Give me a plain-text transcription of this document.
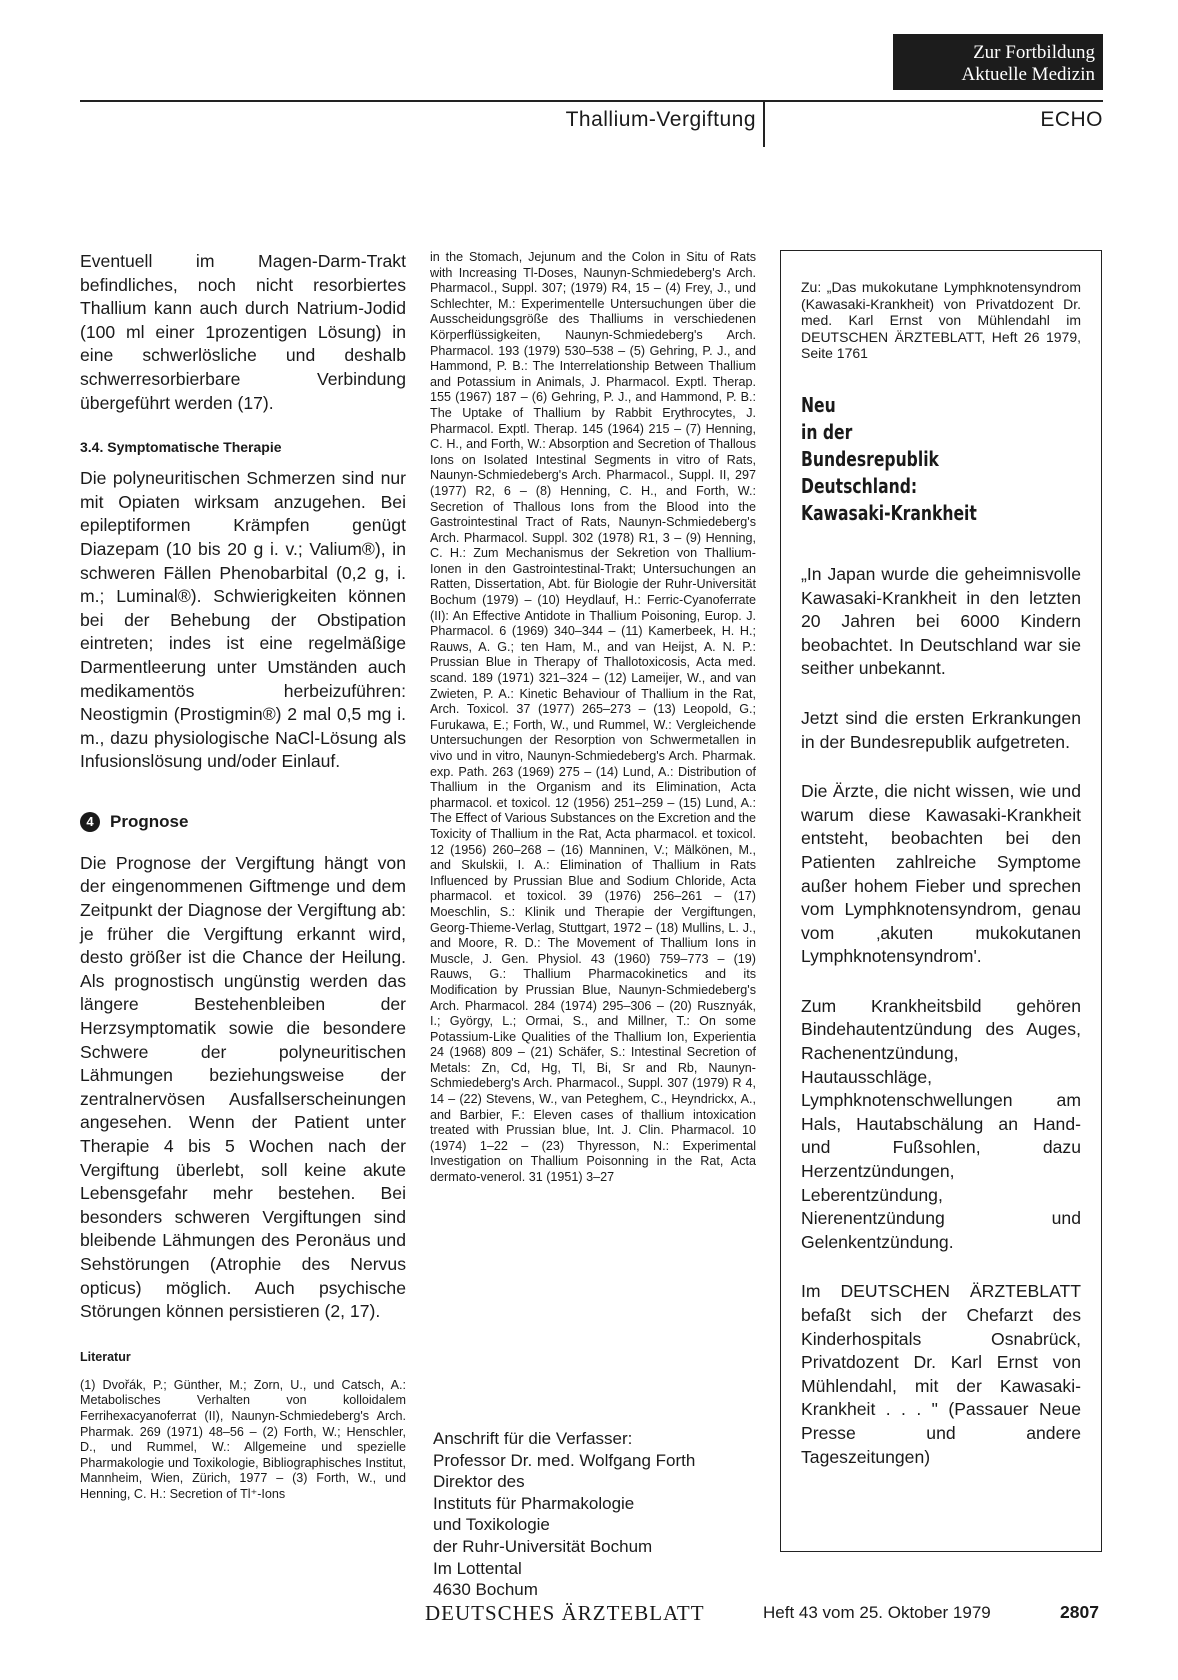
Zur Fortbildung
Aktuelle Medizin
Thallium-Vergiftung	ECHO

Eventuell im Magen-Darm-Trakt befindliches, noch nicht resorbiertes Thallium kann auch durch Natrium-Jodid (100 ml einer 1prozentigen Lösung) in eine schwerlösliche und deshalb schwerresorbierbare Verbindung übergeführt werden (17).

3.4. Symptomatische Therapie

Die polyneuritischen Schmerzen sind nur mit Opiaten wirksam anzugehen. Bei epileptiformen Krämpfen genügt Diazepam (10 bis 20 g i. v.; Valium®), in schweren Fällen Phenobarbital (0,2 g, i. m.; Luminal®). Schwierigkeiten können bei der Behebung der Obstipation eintreten; indes ist eine regelmäßige Darmentleerung unter Umständen auch medikamentös herbeizuführen: Neostigmin (Prostigmin®) 2 mal 0,5 mg i. m., dazu physiologische NaCl-Lösung als Infusionslösung und/oder Einlauf.

4 Prognose

Die Prognose der Vergiftung hängt von der eingenommenen Giftmenge und dem Zeitpunkt der Diagnose der Vergiftung ab: je früher die Vergiftung erkannt wird, desto größer ist die Chance der Heilung. Als prognostisch ungünstig werden das längere Bestehenbleiben der Herzsymptomatik sowie die besondere Schwere der polyneuritischen Lähmungen beziehungsweise der zentralnervösen Ausfallserscheinungen angesehen. Wenn der Patient unter Therapie 4 bis 5 Wochen nach der Vergiftung überlebt, soll keine akute Lebensgefahr mehr bestehen. Bei besonders schweren Vergiftungen sind bleibende Lähmungen des Peronäus und Sehstörungen (Atrophie des Nervus opticus) möglich. Auch psychische Störungen können persistieren (2, 17).

Literatur

(1) Dvořák, P.; Günther, M.; Zorn, U., und Catsch, A.: Metabolisches Verhalten von kolloidalem Ferrihexacyanoferrat (II), Naunyn-Schmiedeberg's Arch. Pharmak. 269 (1971) 48–56 – (2) Forth, W.; Henschler, D., und Rummel, W.: Allgemeine und spezielle Pharmakologie und Toxikologie, Bibliographisches Institut, Mannheim, Wien, Zürich, 1977 – (3) Forth, W., und Henning, C. H.: Secretion of Tl⁺-Ions

in the Stomach, Jejunum and the Colon in Situ of Rats with Increasing Tl-Doses, Naunyn-Schmiedeberg's Arch. Pharmacol., Suppl. 307; (1979) R4, 15 – (4) Frey, J., und Schlechter, M.: Experimentelle Untersuchungen über die Ausscheidungsgröße des Thalliums in verschiedenen Körperflüssigkeiten, Naunyn-Schmiedeberg's Arch. Pharmacol. 193 (1979) 530–538 – (5) Gehring, P. J., and Hammond, P. B.: The Interrelationship Between Thallium and Potassium in Animals, J. Pharmacol. Exptl. Therap. 155 (1967) 187 – (6) Gehring, P. J., and Hammond, P. B.: The Uptake of Thallium by Rabbit Erythrocytes, J. Pharmacol. Exptl. Therap. 145 (1964) 215 – (7) Henning, C. H., and Forth, W.: Absorption and Secretion of Thallous Ions on Isolated Intestinal Segments in vitro of Rats, Naunyn-Schmiedeberg's Arch. Pharmacol., Suppl. II, 297 (1977) R2, 6 – (8) Henning, C. H., and Forth, W.: Secretion of Thallous Ions from the Blood into the Gastrointestinal Tract of Rats, Naunyn-Schmiedeberg's Arch. Pharmacol. Suppl. 302 (1978) R1, 3 – (9) Henning, C. H.: Zum Mechanismus der Sekretion von Thallium-Ionen in den Gastrointestinal-Trakt; Untersuchungen an Ratten, Dissertation, Abt. für Biologie der Ruhr-Universität Bochum (1979) – (10) Heydlauf, H.: Ferric-Cyanoferrate (II): An Effective Antidote in Thallium Poisoning, Europ. J. Pharmacol. 6 (1969) 340–344 – (11) Kamerbeek, H. H.; Rauws, A. G.; ten Ham, M., and van Heijst, A. N. P.: Prussian Blue in Therapy of Thallotoxicosis, Acta med. scand. 189 (1971) 321–324 – (12) Lameijer, W., and van Zwieten, P. A.: Kinetic Behaviour of Thallium in the Rat, Arch. Toxicol. 37 (1977) 265–273 – (13) Leopold, G.; Furukawa, E.; Forth, W., und Rummel, W.: Vergleichende Untersuchungen der Resorption von Schwermetallen in vivo und in vitro, Naunyn-Schmiedeberg's Arch. Pharmak. exp. Path. 263 (1969) 275 – (14) Lund, A.: Distribution of Thallium in the Organism and its Elimination, Acta pharmacol. et toxicol. 12 (1956) 251–259 – (15) Lund, A.: The Effect of Various Substances on the Excretion and the Toxicity of Thallium in the Rat, Acta pharmacol. et toxicol. 12 (1956) 260–268 – (16) Manninen, V.; Mälkönen, M., and Skulskii, I. A.: Elimination of Thallium in Rats Influenced by Prussian Blue and Sodium Chloride, Acta pharmacol. et toxicol. 39 (1976) 256–261 – (17) Moeschlin, S.: Klinik und Therapie der Vergiftungen, Georg-Thieme-Verlag, Stuttgart, 1972 – (18) Mullins, L. J., and Moore, R. D.: The Movement of Thallium Ions in Muscle, J. Gen. Physiol. 43 (1960) 759–773 – (19) Rauws, G.: Thallium Pharmacokinetics and its Modification by Prussian Blue, Naunyn-Schmiedeberg's Arch. Pharmacol. 284 (1974) 295–306 – (20) Rusznyák, I.; György, L.; Ormai, S., and Millner, T.: On some Potassium-Like Qualities of the Thallium Ion, Experientia 24 (1968) 809 – (21) Schäfer, S.: Intestinal Secretion of Metals: Zn, Cd, Hg, Tl, Bi, Sr and Rb, Naunyn-Schmiedeberg's Arch. Pharmacol., Suppl. 307 (1979) R 4, 14 – (22) Stevens, W., van Peteghem, C., Heyndrickx, A., and Barbier, F.: Eleven cases of thallium intoxication treated with Prussian blue, Int. J. Clin. Pharmacol. 10 (1974) 1–22 – (23) Thyresson, N.: Experimental Investigation on Thallium Poisonning in the Rat, Acta dermato-venerol. 31 (1951) 3–27

Anschrift für die Verfasser:
Professor Dr. med. Wolfgang Forth
Direktor des
Instituts für Pharmakologie
und Toxikologie
der Ruhr-Universität Bochum
Im Lottental
4630 Bochum

Zu: „Das mukokutane Lymphknotensyndrom (Kawasaki-Krankheit) von Privatdozent Dr. med. Karl Ernst von Mühlendahl im DEUTSCHEN ÄRZTEBLATT, Heft 26 1979, Seite 1761

Neu
in der
Bundesrepublik
Deutschland:
Kawasaki-Krankheit

„In Japan wurde die geheimnisvolle Kawasaki-Krankheit in den letzten 20 Jahren bei 6000 Kindern beobachtet. In Deutschland war sie seither unbekannt.

Jetzt sind die ersten Erkrankungen in der Bundesrepublik aufgetreten.

Die Ärzte, die nicht wissen, wie und warum diese Kawasaki-Krankheit entsteht, beobachten bei den Patienten zahlreiche Symptome außer hohem Fieber und sprechen vom Lymphknotensyndrom, genau vom ‚akuten mukokutanen Lymphknotensyndrom'.

Zum Krankheitsbild gehören Bindehautentzündung des Auges, Rachenentzündung, Hautausschläge, Lymphknotenschwellungen am Hals, Hautabschälung an Hand- und Fußsohlen, dazu Herzentzündungen, Leberentzündung, Nierenentzündung und Gelenkentzündung.

Im DEUTSCHEN ÄRZTEBLATT befaßt sich der Chefarzt des Kinderhospitals Osnabrück, Privatdozent Dr. Karl Ernst von Mühlendahl, mit der Kawasaki-Krankheit . . . " (Passauer Neue Presse und andere Tageszeitungen)

DEUTSCHES ÄRZTEBLATT	Heft 43 vom 25. Oktober 1979	2807
